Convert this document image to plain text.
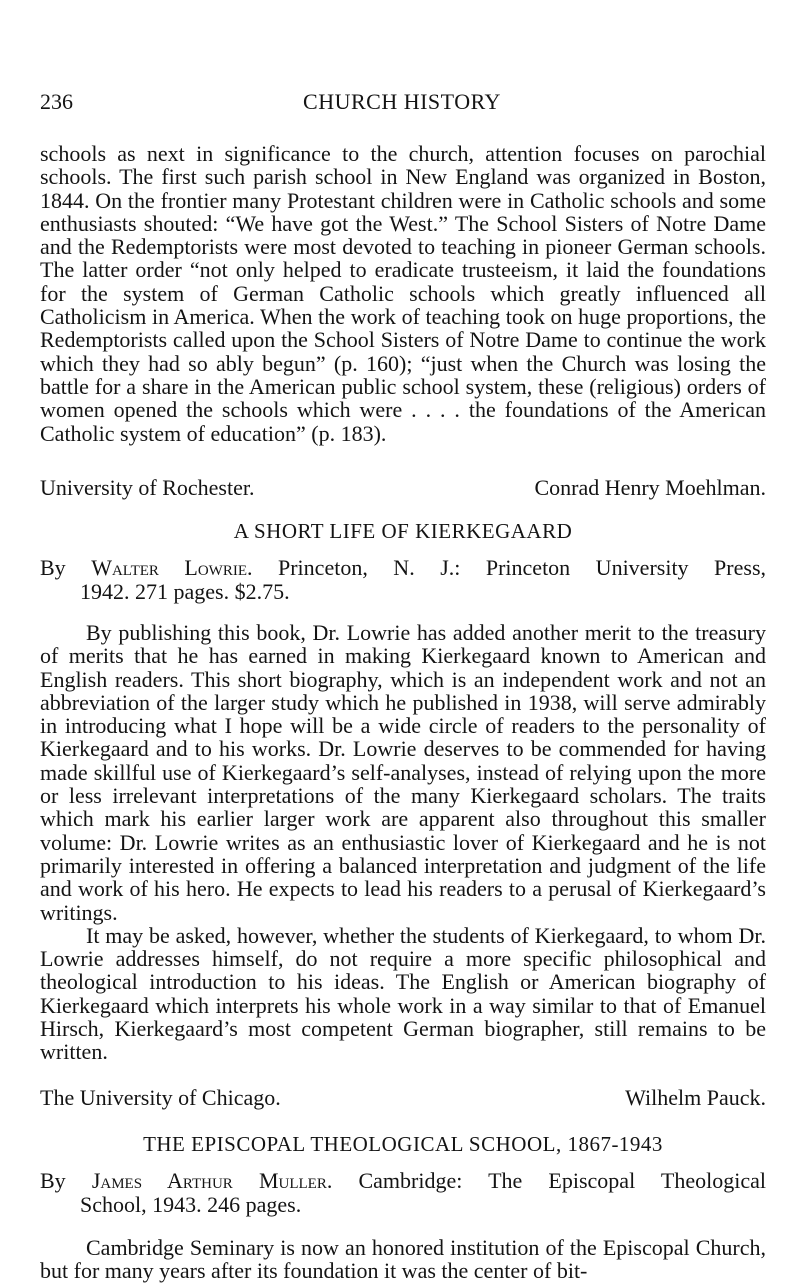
236	CHURCH HISTORY

schools as next in significance to the church, attention focuses on parochial schools. The first such parish school in New England was organized in Boston, 1844. On the frontier many Protestant children were in Catholic schools and some enthusiasts shouted: “We have got the West.” The School Sisters of Notre Dame and the Redemptorists were most devoted to teaching in pioneer German schools. The latter order “not only helped to eradicate trusteeism, it laid the foundations for the system of German Catholic schools which greatly influenced all Catholicism in America. When the work of teaching took on huge proportions, the Redemptorists called upon the School Sisters of Notre Dame to continue the work which they had so ably begun” (p. 160); “just when the Church was losing the battle for a share in the American public school system, these (religious) orders of women opened the schools which were . . . . the foundations of the American Catholic system of education” (p. 183).

University of Rochester.	Conrad Henry Moehlman.
A SHORT LIFE OF KIERKEGAARD
By Walter Lowrie. Princeton, N. J.: Princeton University Press,
1942. 271 pages. $2.75.

By publishing this book, Dr. Lowrie has added another merit to the treasury of merits that he has earned in making Kierkegaard known to American and English readers. This short biography, which is an independent work and not an abbreviation of the larger study which he published in 1938, will serve admirably in introducing what I hope will be a wide circle of readers to the personality of Kierkegaard and to his works. Dr. Lowrie deserves to be commended for having made skillful use of Kierkegaard’s self-analyses, instead of relying upon the more or less irrelevant interpretations of the many Kierkegaard scholars. The traits which mark his earlier larger work are apparent also throughout this smaller volume: Dr. Lowrie writes as an enthusiastic lover of Kierkegaard and he is not primarily interested in offering a balanced interpretation and judgment of the life and work of his hero. He expects to lead his readers to a perusal of Kierkegaard’s writings.

It may be asked, however, whether the students of Kierkegaard, to whom Dr. Lowrie addresses himself, do not require a more specific philosophical and theological introduction to his ideas. The English or American biography of Kierkegaard which interprets his whole work in a way similar to that of Emanuel Hirsch, Kierkegaard’s most competent German biographer, still remains to be written.

The University of Chicago.	Wilhelm Pauck.
THE EPISCOPAL THEOLOGICAL SCHOOL, 1867-1943
By James Arthur Muller. Cambridge: The Episcopal Theological
School, 1943. 246 pages.

Cambridge Seminary is now an honored institution of the Episcopal Church, but for many years after its foundation it was the center of bit-
